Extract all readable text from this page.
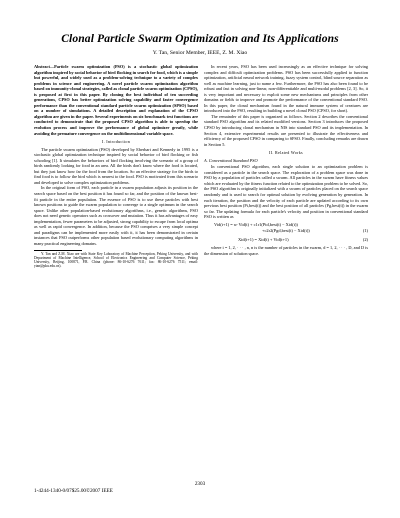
Clonal Particle Swarm Optimization and Its Applications
Y. Tan, Senior Member, IEEE, Z. M. Xiao

Abstract—Particle swarm optimization (PSO) is a stochastic global optimization algorithm inspired by social behavior of bird flocking in search for food, which is a simple but powerful, and widely used as a problem-solving technique to a variety of complex problems in science and engineering. A novel particle swarm optimization algorithm based on immunity-clonal strategies, called as clonal particle swarm optimization (CPSO), is proposed at first in this paper. By cloning the best individual of ten succeeding generations, CPSO has better optimization solving capability and faster convergence performance than the conventional standard particle swarm optimization (SPSO) based on a number of simulations. A detailed description and explanation of the CPSO algorithm are given in the paper. Several experiments on six benchmark test functions are conducted to demonstrate that the proposed CPSO algorithm is able to speedup the evolution process and improve the performance of global optimizer greatly, while avoiding the premature convergence on the multidimensional variable space.

I. Introduction

The particle swarm optimization (PSO) developed by Eberhart and Kennedy in 1995 is a stochastic global optimization technique inspired by social behavior of bird flocking or fish schooling [1]. It simulates the behaviors of bird flocking involving the scenario of a group of birds randomly looking for food in an area. All the birds don't know where the food is located, but they just know how far the food from the location. So an effective strategy for the birds to find food is to follow the bird which is nearest to the food. PSO is motivated from this scenario and developed to solve complex optimization problems.

In the original form of PSO, each particle in a swarm population adjusts its position in the search space based on the best position it has found so far, and the position of the known best-fit particle in the entire population. The essence of PSO is to use these particles with best known positions to guide the swarm population to converge to a single optimum in the search space. Unlike other population-based evolutionary algorithms, i.e., genetic algorithms, PSO does not need genetic operators such as crossover and mutation. Thus it has advantages of easy implementation, fewer parameters to be adjusted, strong capability to escape from local optima as well as rapid convergence. In addition, because the PSO comprises a very simple concept and paradigms can be implemented more easily with it, it has been demonstrated in certain instances that PSO outperforms other population based evolutionary computing algorithms in many practical engineering domains.

Y. Tan and Z.M. Xiao are with State Key Laboratory of Machine Perception, Peking University, and with Department of Machine Intelligence, School of Electronics Engineering and Computer Science, Peking University, Beijing, 100871, P.R. China (phone: 86-10-6276 7611; fax: 86-10-6276 7511; email: ytan@pku.edu.cn).

In recent years, PSO has been used increasingly as an effective technique for solving complex and difficult optimization problems. PSO has been successfully applied to function optimization, artificial neural network training, fuzzy system control, blind source separation as well as machine learning, just to name a few. Furthermore, the PSO has also been found to be robust and fast in solving non-linear, non-differentiable and multi-modal problems [2, 3]. So, it is very important and necessary to exploit some new mechanisms and principles from other domains or fields to improve and promote the performance of the conventional standard PSO. In this paper, the clonal mechanism found in the natural immune system of creatures are introduced into the PSO, resulting in building a novel clonal PSO (CPSO, for short).

The remainder of this paper is organized as follows. Section 2 describes the conventional standard PSO algorithm and its related modified versions. Section 3 introduces the proposed CPSO by introducing clonal mechanism in NIS into standard PSO and its implementation. In Section 4, extensive experimental results are presented to illustrate the effectiveness and efficiency of the proposed CPSO in comparing to SPSO. Finally, concluding remarks are drawn in Section 5.

II. Related Works
A. Conventional Standard PSO

In conventional PSO algorithm, each single solution to an optimization problem is considered as a particle in the search space. The exploration of a problem space was done in PSO by a population of particles called a swarm. All particles in the swarm have fitness values which are evaluated by the fitness function related to the optimization problem to be solved. So, the PSO algorithm is originally initialized with a swarm of particles placed on the search space randomly and is used to search for optimal solution by evolving generation by generation. In each iteration, the position and the velocity of each particle are updated according to its own previous best position (Pi,best(t)) and the best position of all particles (Pg,best(t)) in the swarm so far. The updating formula for each particle's velocity and position in conventional standard PSO is written as

Vid(t+1) = w·Vid(t) + c1r1(Pid,best(t) − Xid(t))
+c2r2(Pgd,best(t) − Xid(t))	(1)
Xid(t+1) = Xid(t) + Vid(t+1)	(2)

where i = 1, 2, · · · , n, n is the number of particles in the swarm, d = 1, 2, · · · , D, and D is the dimension of solution space.

2303
1-4244-1340-0/07$25.00©2007 IEEE
